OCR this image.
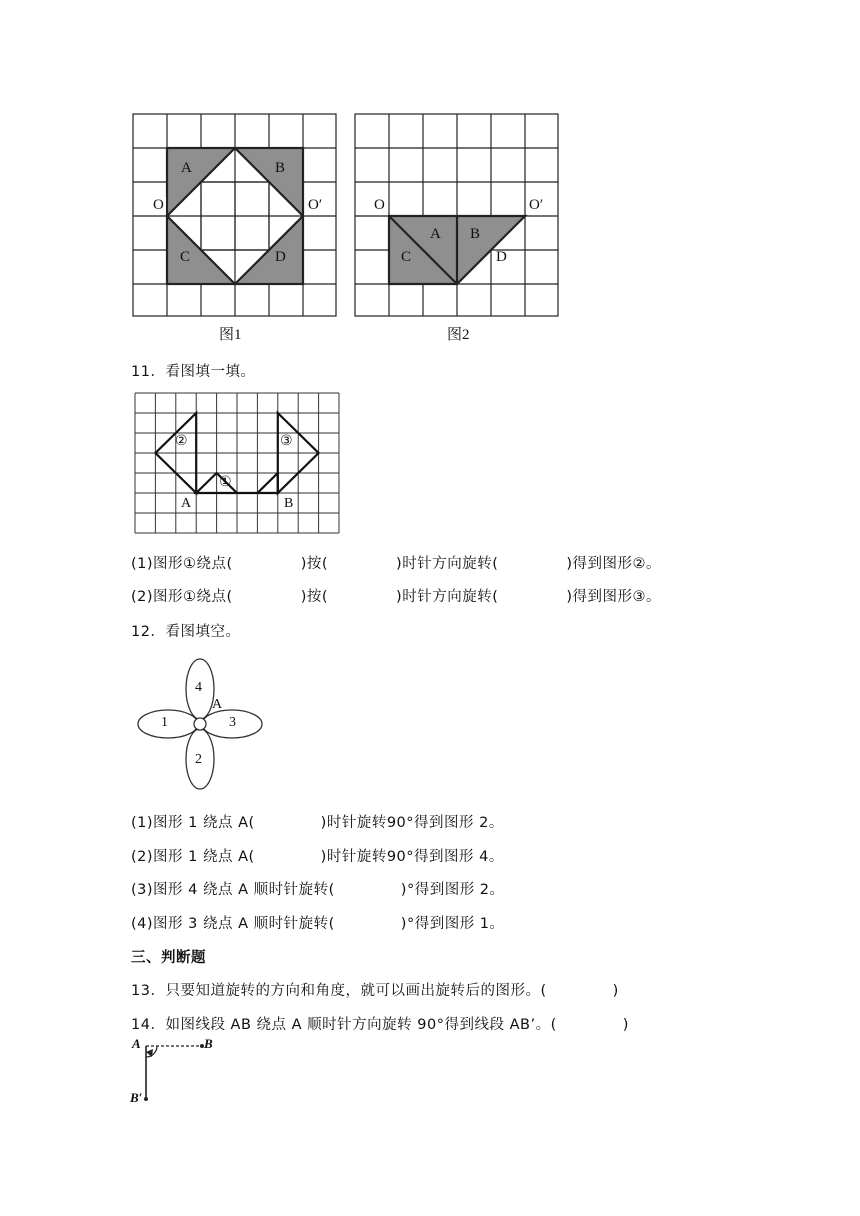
A	B
C	D
O	O′
图1
A B
C	D
O	O′
图2
11．看图填一填。
②
①
③
A	B
(1)图形①绕点(	)按(	)时针方向旋转(	)得到图形②。
(2)图形①绕点(	)按(	)时针方向旋转(	)得到图形③。
12．看图填空。
4
2
1	3
A
(1)图形 1 绕点 A(	)时针旋转90°得到图形 2。
(2)图形 1 绕点 A(	)时针旋转90°得到图形 4。
(3)图形 4 绕点 A 顺时针旋转(	)°得到图形 2。
(4)图形 3 绕点 A 顺时针旋转(	)°得到图形 1。
三、判断题
13．只要知道旋转的方向和角度，就可以画出旋转后的图形。(	)
14．如图线段 AB 绕点 A 顺时针方向旋转 90°得到线段 AB’。(	)
A	B
B′
